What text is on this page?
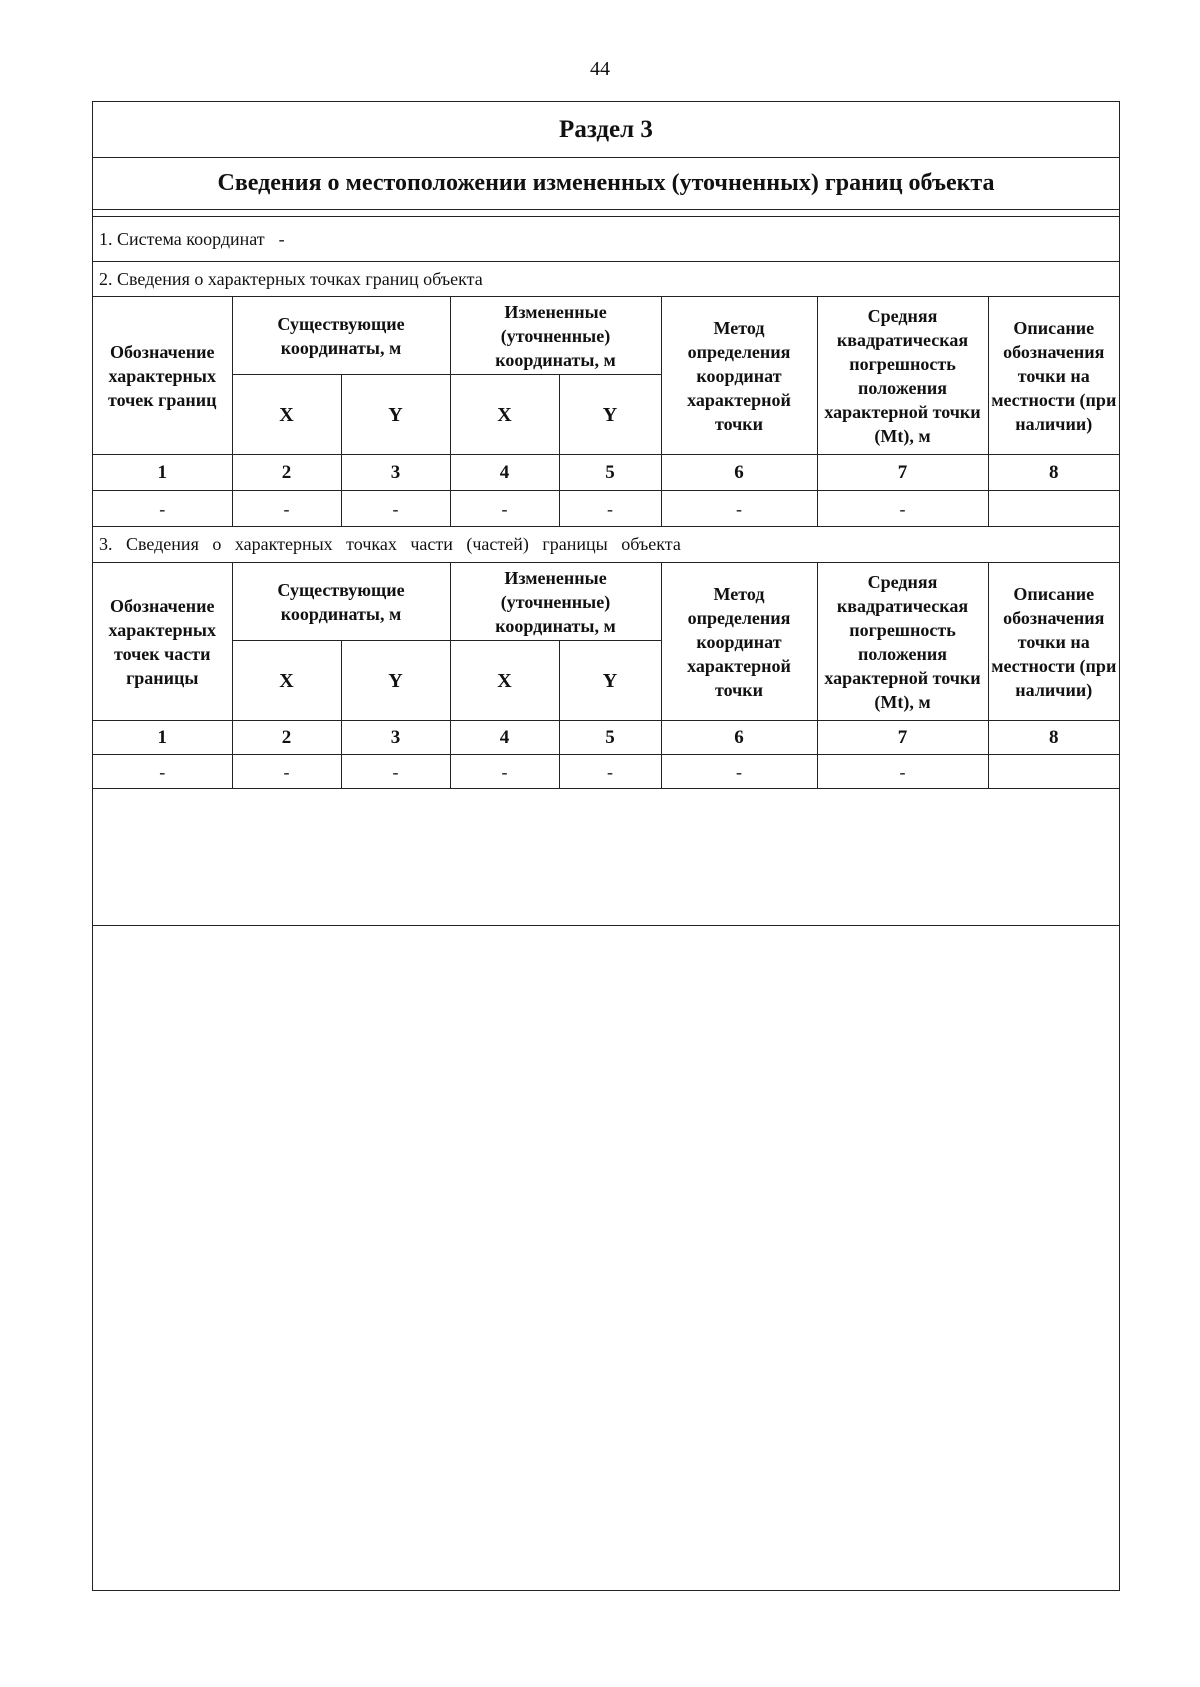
44
Раздел 3
Сведения о местоположении измененных (уточненных) границ объекта
1. Система координат -
2. Сведения о характерных точках границ объекта
Обозначение характерных точек границ	Существующие координаты, м		Измененные (уточненные) координаты, м		Метод определения координат характерной точки	Средняя квадратическая погрешность положения характерной точки (Mt), м	Описание обозначения точки на местности (при наличии)
	X	Y	X	Y			
1	2	3	4	5	6	7	8
-	-	-	-	-	-	-	
3. Сведения о характерных точках части (частей) границы объекта
Обозначение характерных точек части границы	Существующие координаты, м		Измененные (уточненные) координаты, м		Метод определения координат характерной точки	Средняя квадратическая погрешность положения характерной точки (Mt), м	Описание обозначения точки на местности (при наличии)
	X	Y	X	Y			
1	2	3	4	5	6	7	8
-	-	-	-	-	-	-	
